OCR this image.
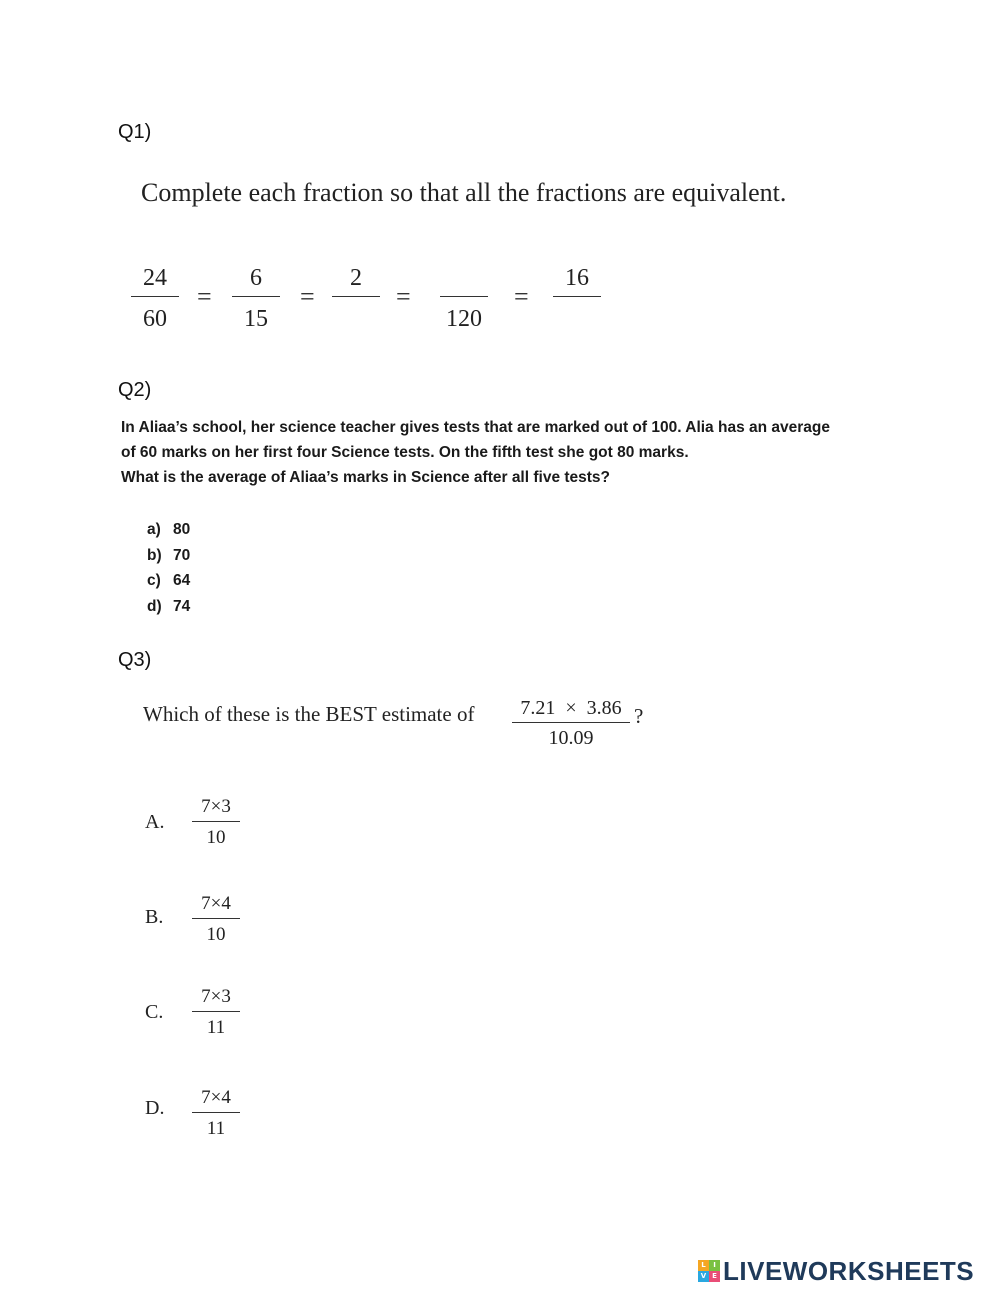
Q1)
Complete each fraction so that all the fractions are equivalent.
24
60
=
6
15
=
2
=
120
=
16
Q2)
In Aliaa’s school, her science teacher gives tests that are marked out of 100. Alia has an average
of 60 marks on her first four Science tests. On the fifth test she got 80 marks.
What is the average of Aliaa’s marks in Science after all five tests?
a) 80
b) 70
c) 64
d) 74
Q3)
Which of these is the BEST estimate of	7.21  ×  3.86
10.09
?
A.
7×3
10
B.
7×4
10
C.
7×3
11
D.	7×4
11
L	I
V E LIVEWORKSHEETS
